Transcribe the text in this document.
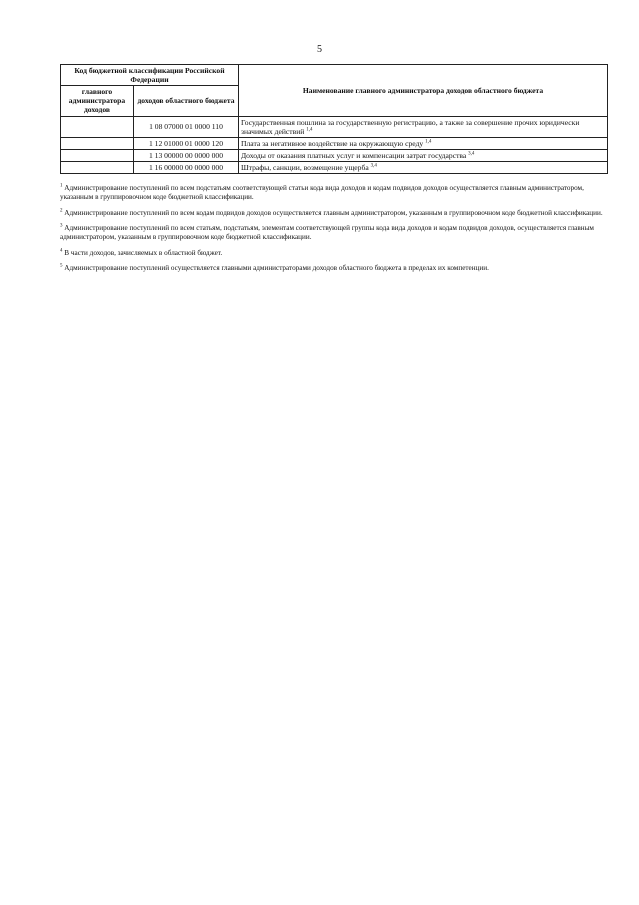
5
Код бюджетной классификации Российской Федерации		Наименование главного администратора доходов областного бюджета
главного администратора доходов	доходов областного бюджета	
	1 08 07000 01 0000 110	Государственная пошлина за государственную регистрацию, а также за совершение прочих юридически значимых действий $^{1,4}$
	1 12 01000 01 0000 120	Плата за негативное воздействие на окружающую среду $^{1,4}$
	1 13 00000 00 0000 000	Доходы от оказания платных услуг и компенсации затрат государства $^{3,4}$
	1 16 00000 00 0000 000	Штрафы, санкции, возмещение ущерба $^{3,4}$
$^1$ Администрирование поступлений по всем подстатьям соответствующей статьи кода вида доходов и кодам подвидов доходов осуществляется главным администратором, указанным в группировочном коде бюджетной классификации.
$^2$ Администрирование поступлений по всем кодам подвидов доходов осуществляется главным администратором, указанным в группировочном коде бюджетной классификации.
$^3$ Администрирование поступлений по всем статьям, подстатьям, элементам соответствующей группы кода вида доходов и кодам подвидов доходов, осуществляется главным администратором, указанным в группировочном коде бюджетной классификации.
$^4$ В части доходов, зачисляемых в областной бюджет.
$^5$ Администрирование поступлений осуществляется главными администраторами доходов областного бюджета в пределах их компетенции.
